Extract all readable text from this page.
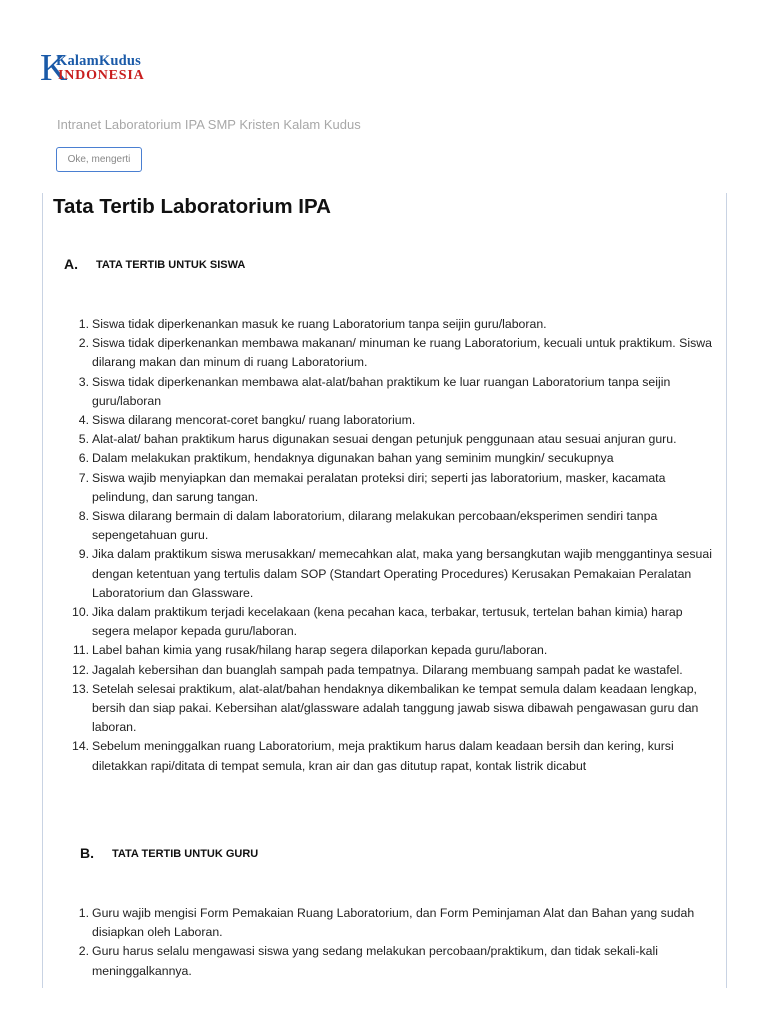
K
KalamKudus
INDONESIA
Intranet Laboratorium IPA SMP Kristen Kalam Kudus
Oke, mengerti
Tata Tertib Laboratorium IPA
A. TATA TERTIB UNTUK SISWA
1. Siswa tidak diperkenankan masuk ke ruang Laboratorium tanpa seijin guru/laboran.
2. Siswa tidak diperkenankan membawa makanan/ minuman ke ruang Laboratorium, kecuali untuk praktikum. Siswa dilarang makan dan minum di ruang Laboratorium.
3. Siswa tidak diperkenankan membawa alat-alat/bahan praktikum ke luar ruangan Laboratorium tanpa seijin guru/laboran
4. Siswa dilarang mencorat-coret bangku/ ruang laboratorium.
5. Alat-alat/ bahan praktikum harus digunakan sesuai dengan petunjuk penggunaan atau sesuai anjuran guru.
6. Dalam melakukan praktikum, hendaknya digunakan bahan yang seminim mungkin/ secukupnya
7. Siswa wajib menyiapkan dan memakai peralatan proteksi diri; seperti jas laboratorium, masker, kacamata pelindung, dan sarung tangan.
8. Siswa dilarang bermain di dalam laboratorium, dilarang melakukan percobaan/eksperimen sendiri tanpa sepengetahuan guru.
9. Jika dalam praktikum siswa merusakkan/ memecahkan alat, maka yang bersangkutan wajib menggantinya sesuai dengan ketentuan yang tertulis dalam SOP (Standart Operating Procedures) Kerusakan Pemakaian Peralatan Laboratorium dan Glassware.
10. Jika dalam praktikum terjadi kecelakaan (kena pecahan kaca, terbakar, tertusuk, tertelan bahan kimia) harap segera melapor kepada guru/laboran.
11. Label bahan kimia yang rusak/hilang harap segera dilaporkan kepada guru/laboran.
12. Jagalah kebersihan dan buanglah sampah pada tempatnya. Dilarang membuang sampah padat ke wastafel.
13. Setelah selesai praktikum, alat-alat/bahan hendaknya dikembalikan ke tempat semula dalam keadaan lengkap, bersih dan siap pakai. Kebersihan alat/glassware adalah tanggung jawab siswa dibawah pengawasan guru dan laboran.
14. Sebelum meninggalkan ruang Laboratorium, meja praktikum harus dalam keadaan bersih dan kering, kursi diletakkan rapi/ditata di tempat semula, kran air dan gas ditutup rapat, kontak listrik dicabut
B. TATA TERTIB UNTUK GURU
1. Guru wajib mengisi Form Pemakaian Ruang Laboratorium, dan Form Peminjaman Alat dan Bahan yang sudah disiapkan oleh Laboran.
2. Guru harus selalu mengawasi siswa yang sedang melakukan percobaan/praktikum, dan tidak sekali-kali meninggalkannya.
